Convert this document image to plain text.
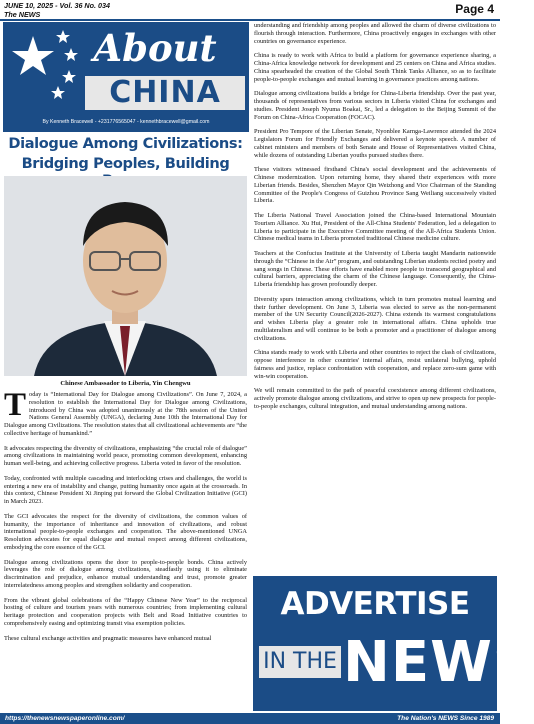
JUNE 10, 2025 - Vol. 36 No. 034
The NEWS	Page 4
About
CHINA
By Kenneth Bracewell - +231776565047 - kennethbracewell@gmail.com
Dialogue Among Civilizations:
Bridging Peoples, Building
Chinese Ambassador to Liberia, Yin Chengwu

Today is “International Day for Dialogue among Civilizations”. On June 7, 2024, a resolution to establish the International Day for Dialogue among Civilizations, introduced by China was adopted unanimously at the 78th session of the United Nations General Assembly (UNGA), declaring June 10th the International Day for Dialogue among Civilizations. The resolution states that all civilizational achievements are “the collective heritage of humankind.”

It advocates respecting the diversity of civilizations, emphasizing “the crucial role of dialogue” among civilizations in maintaining world peace, promoting common development, enhancing human well-being, and achieving collective progress. Liberia voted in favor of the resolution.

Today, confronted with multiple cascading and interlocking crises and challenges, the world is entering a new era of instability and change, putting humanity once again at the crossroads. In this context, Chinese President Xi Jinping put forward the Global Civilization Initiative (GCI) in March 2023.

The GCI advocates the respect for the diversity of civilizations, the common values of humanity, the importance of inheritance and innovation of civilizations, and robust international people-to-people exchanges and cooperation. The above-mentioned UNGA Resolution advocates for equal dialogue and mutual respect among different civilizations, embodying the core essence of the GCI.

Dialogue among civilizations opens the door to people-to-people bonds. China actively leverages the role of dialogue among civilizations, steadfastly using it to eliminate discrimination and prejudice, enhance mutual understanding and trust, promote greater interrelatedness among peoples and strengthen solidarity and cooperation.

From the vibrant global celebrations of the “Happy Chinese New Year” to the reciprocal hosting of culture and tourism years with numerous countries; from implementing cultural heritage protection and cooperation projects with Belt and Road Initiative countries to comprehensively easing and optimizing transit visa exemption policies.

These cultural exchange activities and pragmatic measures have enhanced mutual

understanding and friendship among peoples and allowed the charm of diverse civilizations to flourish through interaction. Furthermore, China proactively engages in exchanges with other countries on governance experience.

China is ready to work with Africa to build a platform for governance experience sharing, a China-Africa knowledge network for development and 25 centers on China and Africa studies. China spearheaded the creation of the Global South Think Tanks Alliance, so as to facilitate people-to-people exchanges and mutual learning in governance practices among nations.

Dialogue among civilizations builds a bridge for China-Liberia friendship. Over the past year, thousands of representatives from various sectors in Liberia visited China for exchanges and studies. President Joseph Nyuma Boakai, Sr., led a delegation to the Beijing Summit of the Forum on China-Africa Cooperation (FOCAC).

President Pro Tempore of the Liberian Senate, Nyonblee Karnga-Lawrence attended the 2024 Legislators Forum for Friendly Exchanges and delivered a keynote speech. A number of cabinet ministers and members of both Senate and House of Representatives visited China, while dozens of outstanding Liberian youths pursued studies there.

These visitors witnessed firsthand China's social development and the achievements of Chinese modernization. Upon returning home, they shared their experiences with more Liberian friends. Besides, Shenzhen Mayor Qin Weizhong and Vice Chairman of the Standing Committee of the People's Congress of Guizhou Province Sang Weiliang successively visited Liberia.

The Liberia National Travel Association joined the China-based International Mountain Tourism Alliance. Xu Hui, President of the All-China Students' Federation, led a delegation to Liberia to participate in the Executive Committee meeting of the All-Africa Students Union. Chinese medical teams in Liberia promoted traditional Chinese medicine culture.

Teachers at the Confucius Institute at the University of Liberia taught Mandarin nationwide through the “Chinese in the Air” program, and outstanding Liberian students recited poetry and sang songs in Chinese. These efforts have enabled more people to transcend geographical and cultural barriers, appreciating the charm of the Chinese language. Consequently, the China-Liberia friendship has grown profoundly deeper.

Diversity spurs interaction among civilizations, which in turn promotes mutual learning and their further development. On June 3, Liberia was elected to serve as the non-permanent member of the UN Security Council(2026-2027). China extends its warmest congratulations and wishes Liberia play a greater role in international affairs. China upholds true multilateralism and will continue to be both a promoter and a practitioner of dialogue among civilizations.

China stands ready to work with Liberia and other countries to reject the clash of civilizations, oppose interference in other countries' internal affairs, resist unilateral bullying, uphold fairness and justice, replace confrontation with cooperation, and replace zero-sum game with win-win cooperation.

We will remain committed to the path of peaceful coexistence among different civilizations, actively promote dialogue among civilizations, and strive to open up new prospects for people-to-people exchanges, cultural integration, and mutual understanding among nations.

ADVERTISE
IN THE NEWS
https://thenewsnewspaperonline.com/	The Nation's NEWS Since 1989
